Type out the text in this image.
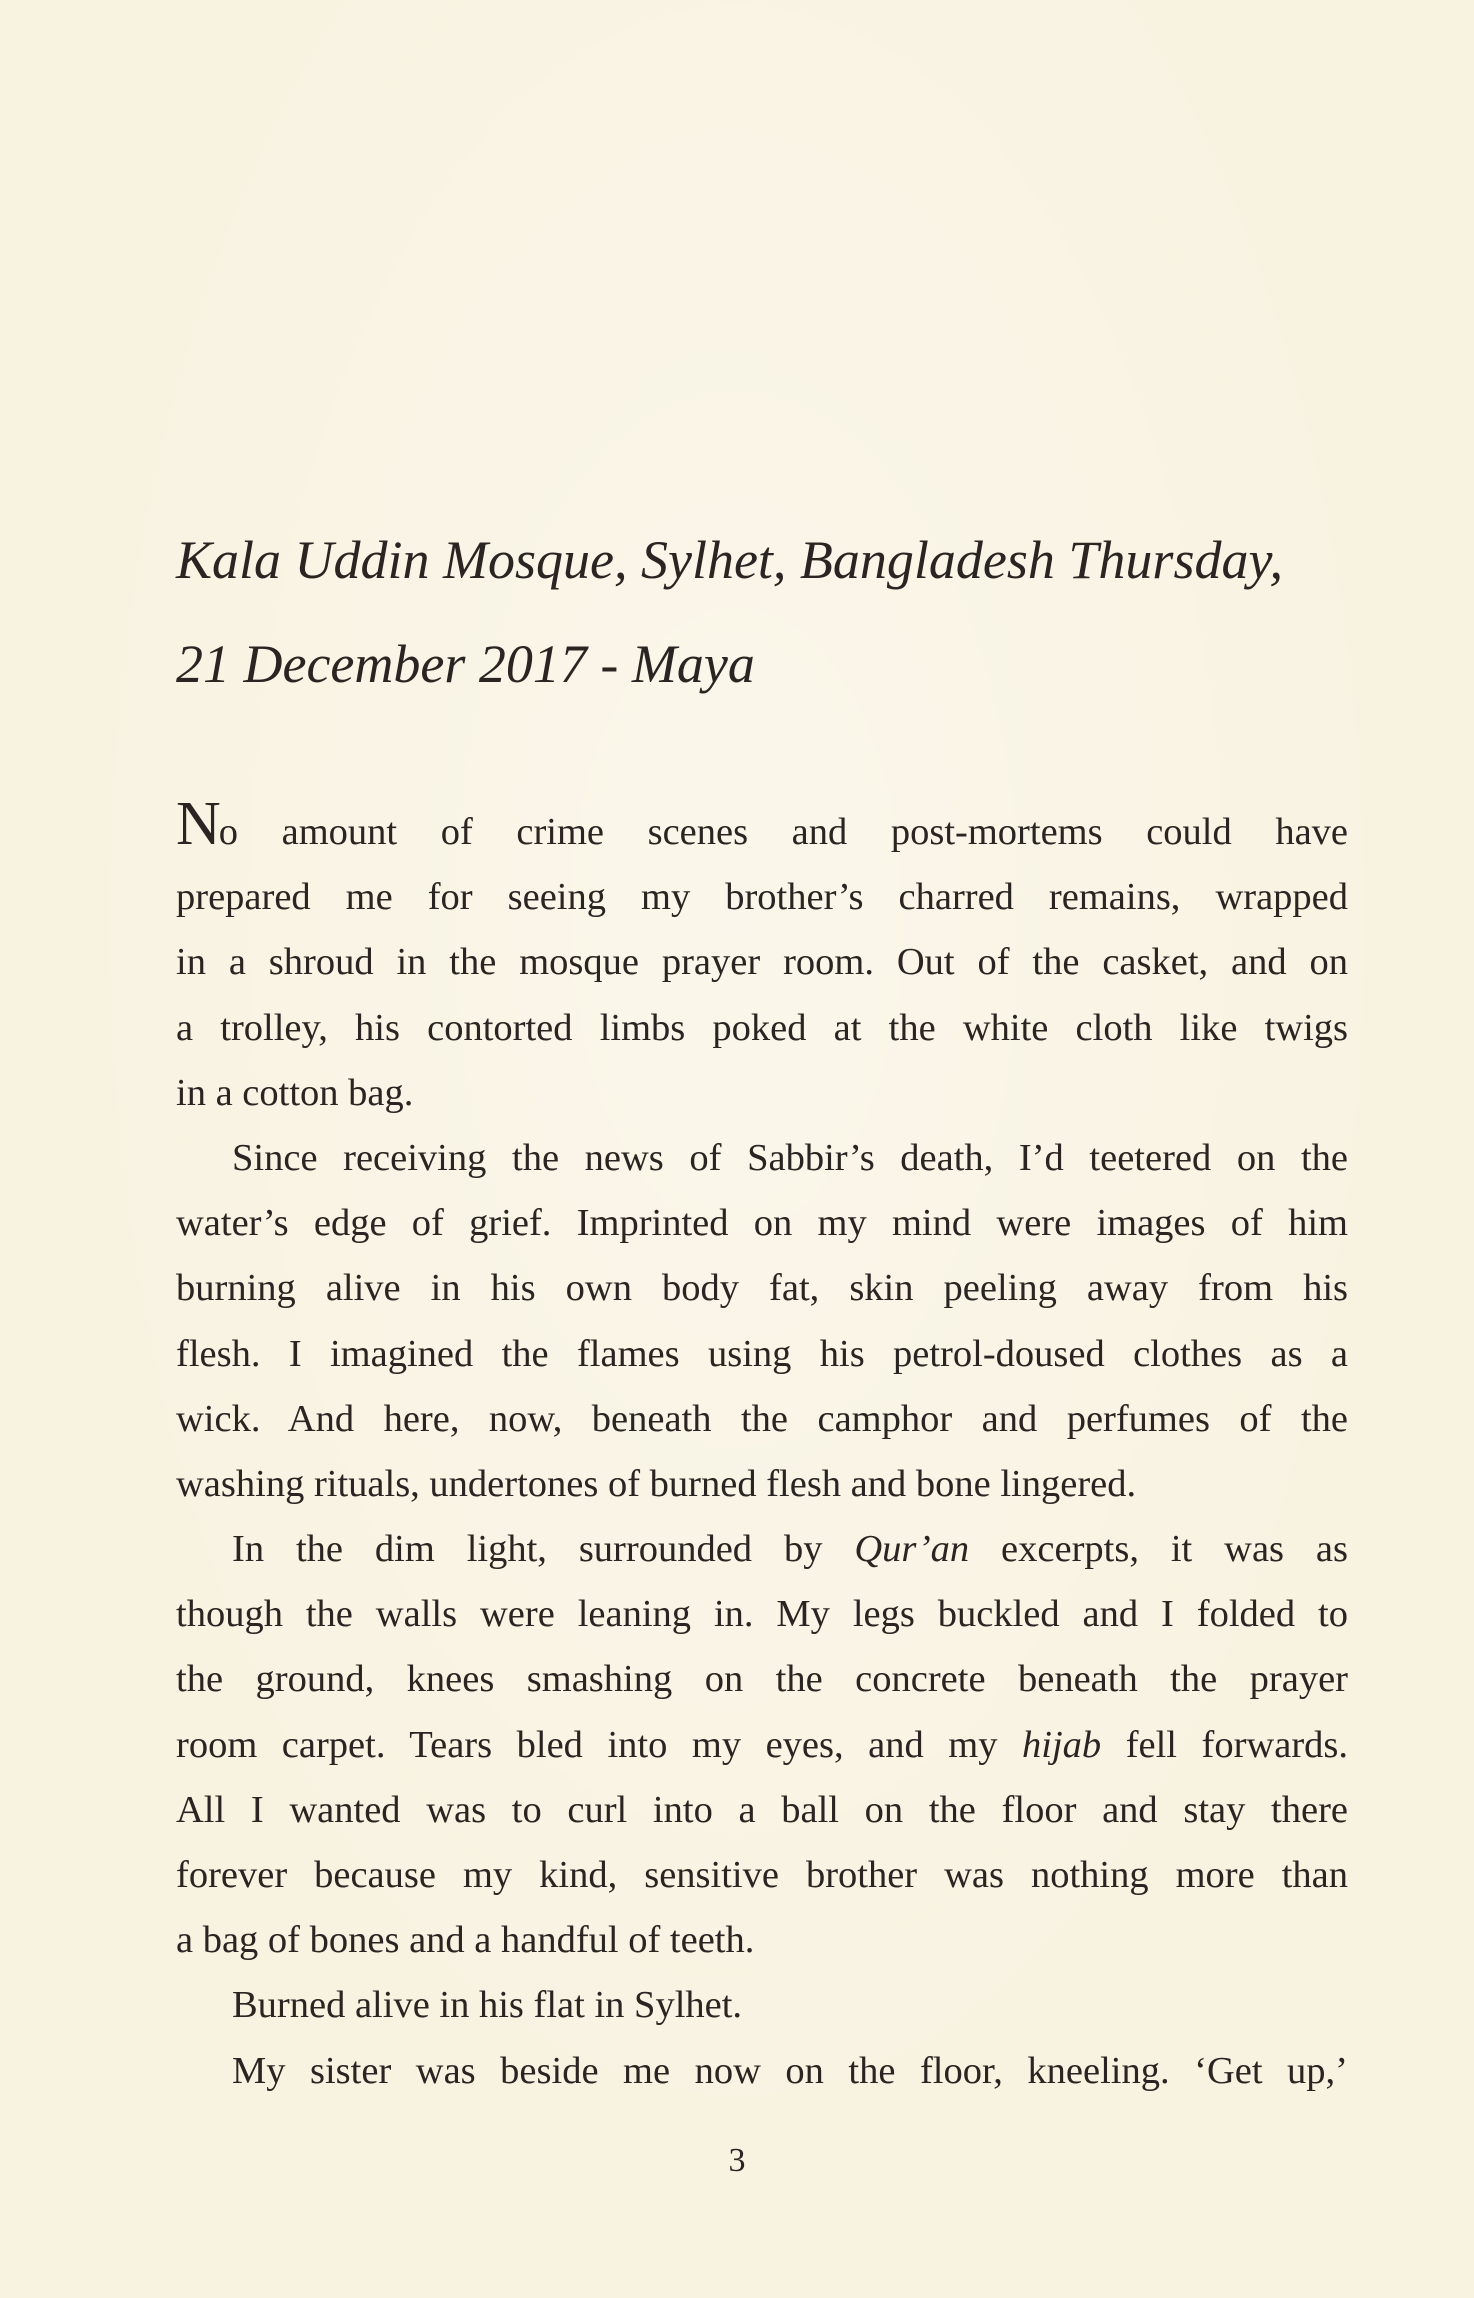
Kala Uddin Mosque, Sylhet, Bangladesh Thursday,
21 December 2017 - Maya
No amount of crime scenes and post-mortems could have
prepared me for seeing my brother’s charred remains, wrapped
in a shroud in the mosque prayer room. Out of the casket, and on
a trolley, his contorted limbs poked at the white cloth like twigs
in a cotton bag.
Since receiving the news of Sabbir’s death, I’d teetered on the
water’s edge of grief. Imprinted on my mind were images of him
burning alive in his own body fat, skin peeling away from his
flesh. I imagined the flames using his petrol-doused clothes as a
wick. And here, now, beneath the camphor and perfumes of the
washing rituals, undertones of burned flesh and bone lingered.
In the dim light, surrounded by Qur’an excerpts, it was as
though the walls were leaning in. My legs buckled and I folded to
the ground, knees smashing on the concrete beneath the prayer
room carpet. Tears bled into my eyes, and my hijab fell forwards.
All I wanted was to curl into a ball on the floor and stay there
forever because my kind, sensitive brother was nothing more than
a bag of bones and a handful of teeth.
Burned alive in his flat in Sylhet.
My sister was beside me now on the floor, kneeling. ‘Get up,’
3
